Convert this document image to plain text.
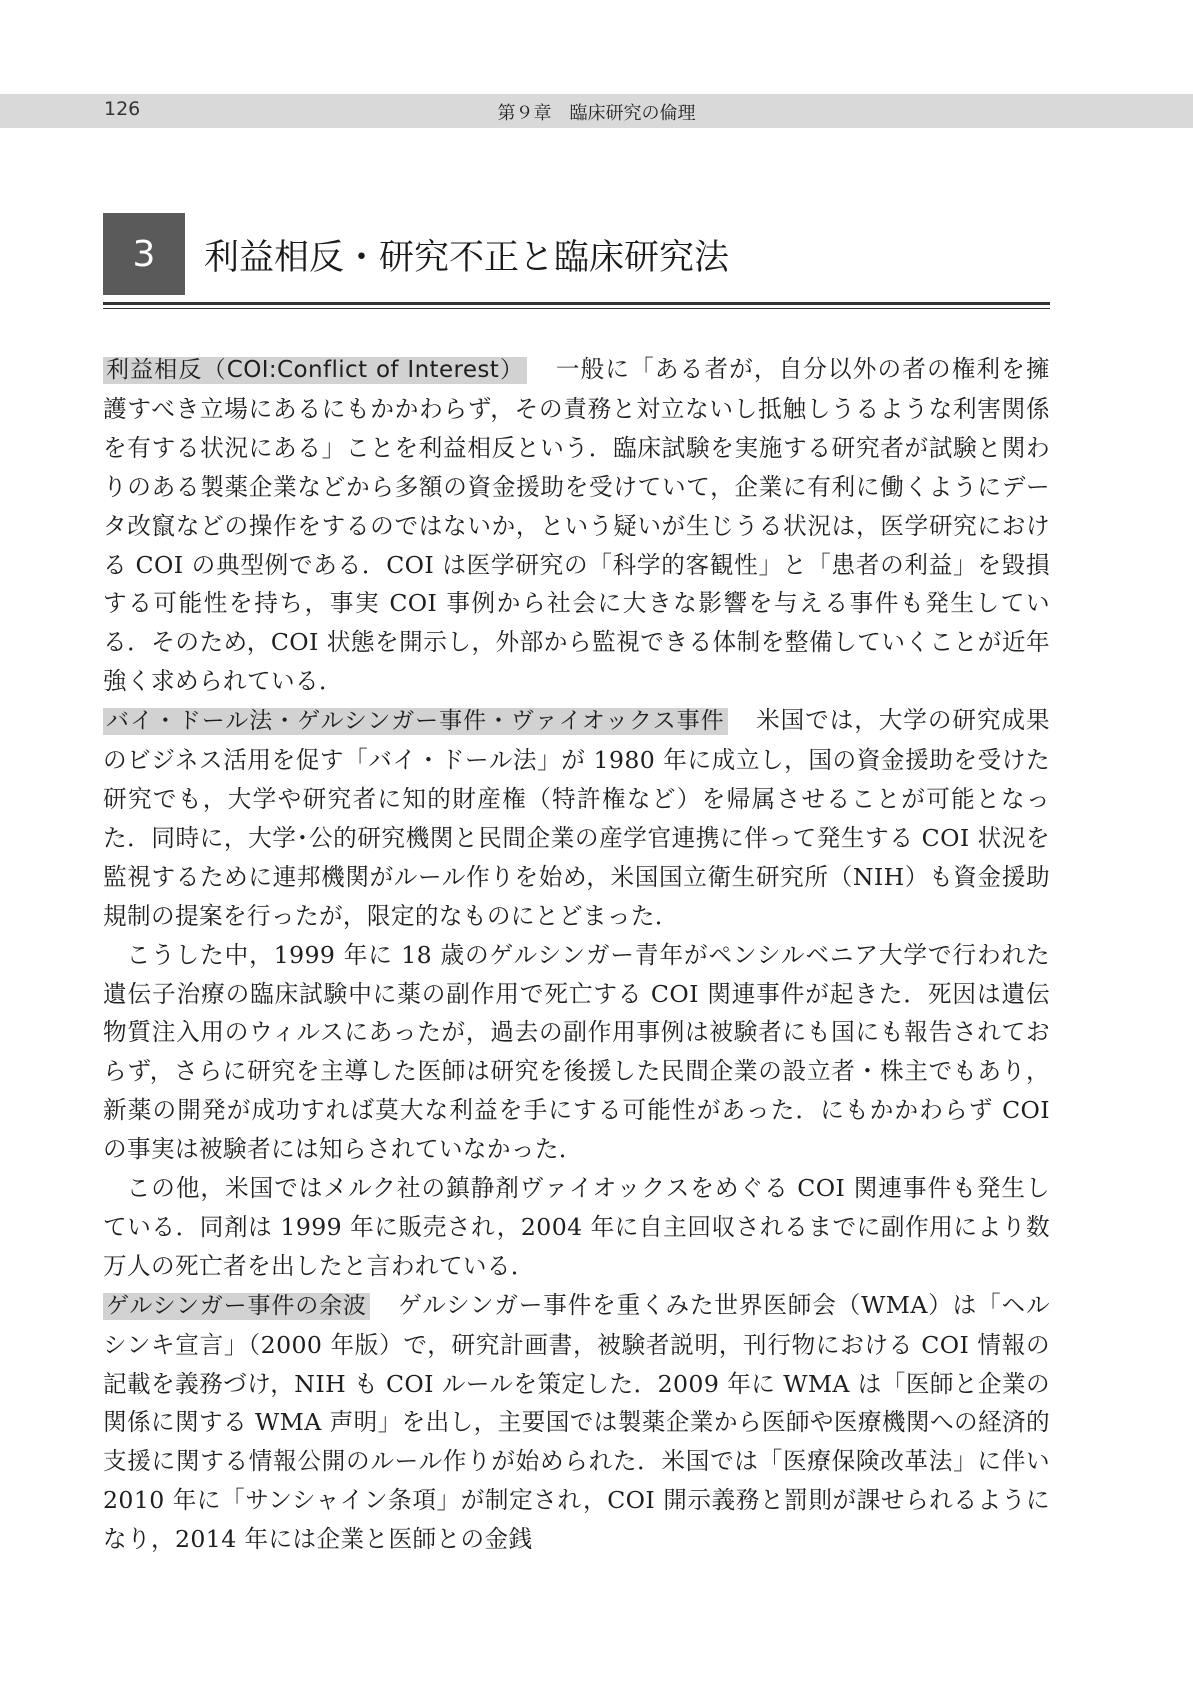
126	第９章　臨床研究の倫理
3	利益相反・研究不正と臨床研究法

利益相反（COI:Conflict of Interest） 一般に「ある者が，自分以外の者の権利を擁護すべき立場にあるにもかかわらず，その責務と対立ないし抵触しうるような利害関係を有する状況にある」ことを利益相反という．臨床試験を実施する研究者が試験と関わりのある製薬企業などから多額の資金援助を受けていて，企業に有利に働くようにデータ改竄などの操作をするのではないか，という疑いが生じうる状況は，医学研究における COI の典型例である．COI は医学研究の「科学的客観性」と「患者の利益」を毀損する可能性を持ち，事実 COI 事例から社会に大きな影響を与える事件も発生している．そのため，COI 状態を開示し，外部から監視できる体制を整備していくことが近年強く求められている．

バイ・ドール法・ゲルシンガー事件・ヴァイオックス事件 米国では，大学の研究成果のビジネス活用を促す「バイ・ドール法」が 1980 年に成立し，国の資金援助を受けた研究でも，大学や研究者に知的財産権（特許権など）を帰属させることが可能となった．同時に，大学･公的研究機関と民間企業の産学官連携に伴って発生する COI 状況を監視するために連邦機関がルール作りを始め，米国国立衛生研究所（NIH）も資金援助規制の提案を行ったが，限定的なものにとどまった．

こうした中，1999 年に 18 歳のゲルシンガー青年がペンシルベニア大学で行われた遺伝子治療の臨床試験中に薬の副作用で死亡する COI 関連事件が起きた．死因は遺伝物質注入用のウィルスにあったが，過去の副作用事例は被験者にも国にも報告されておらず，さらに研究を主導した医師は研究を後援した民間企業の設立者・株主でもあり，新薬の開発が成功すれば莫大な利益を手にする可能性があった．にもかかわらず COI の事実は被験者には知らされていなかった．

この他，米国ではメルク社の鎮静剤ヴァイオックスをめぐる COI 関連事件も発生している．同剤は 1999 年に販売され，2004 年に自主回収されるまでに副作用により数万人の死亡者を出したと言われている．

ゲルシンガー事件の余波 ゲルシンガー事件を重くみた世界医師会（WMA）は「ヘルシンキ宣言」（2000 年版）で，研究計画書，被験者説明，刊行物における COI 情報の記載を義務づけ，NIH も COI ルールを策定した．2009 年に WMA は「医師と企業の関係に関する WMA 声明」を出し，主要国では製薬企業から医師や医療機関への経済的支援に関する情報公開のルール作りが始められた．米国では「医療保険改革法」に伴い 2010 年に「サンシャイン条項」が制定され，COI 開示義務と罰則が課せられるようになり，2014 年には企業と医師との金銭
